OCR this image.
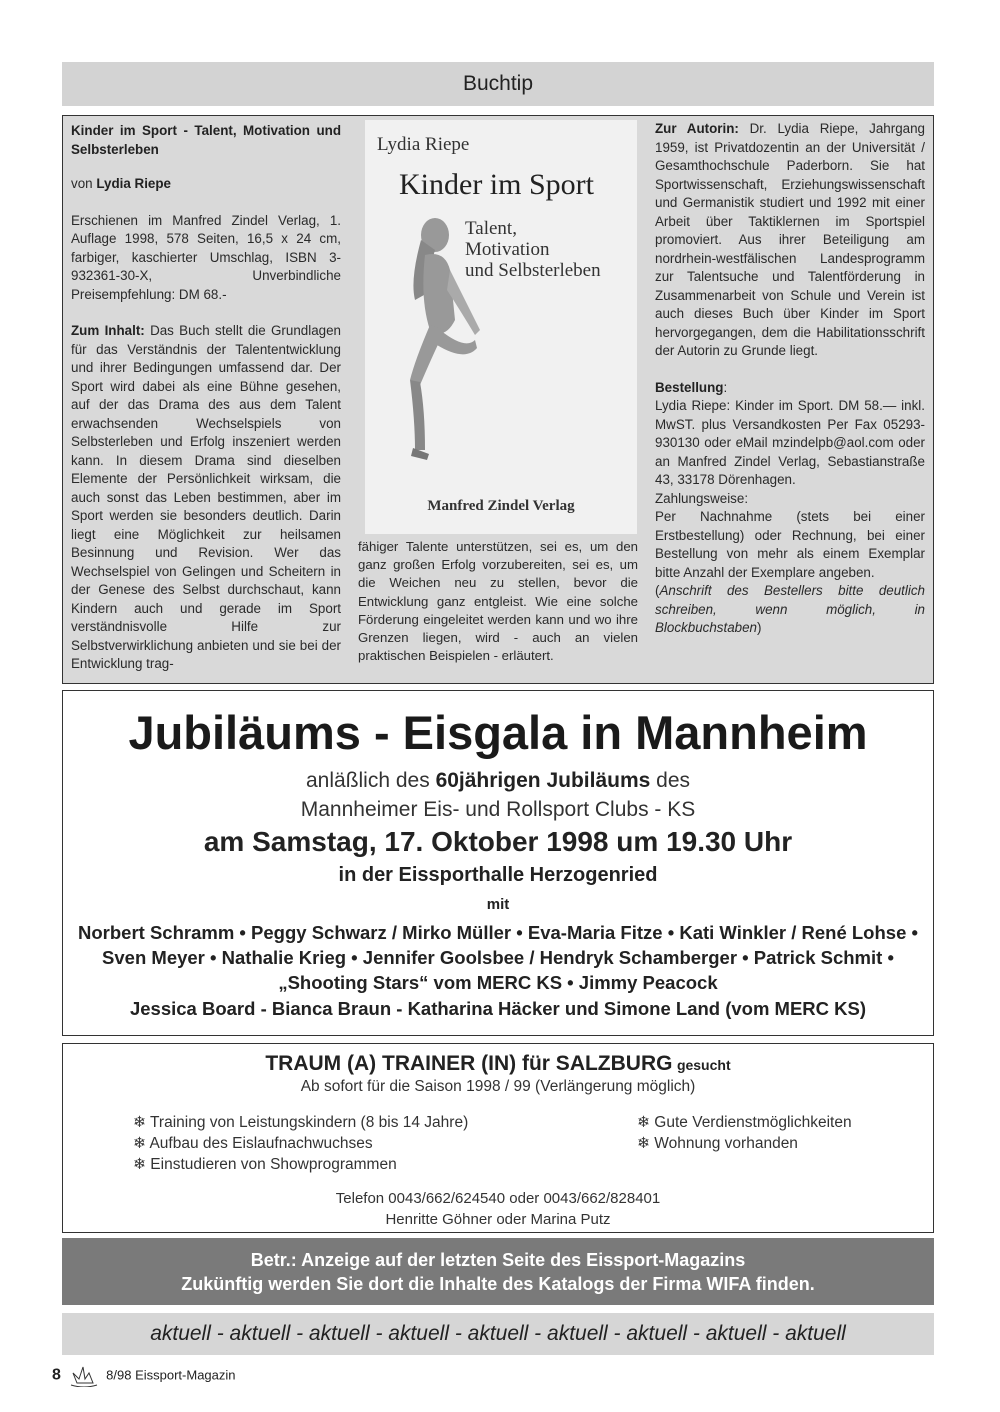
Buchtip

Kinder im Sport - Talent, Motivation und Selbsterleben

von Lydia Riepe

Erschienen im Manfred Zindel Verlag, 1. Auflage 1998, 578 Seiten, 16,5 x 24 cm, farbiger, kaschierter Umschlag, ISBN 3-932361-30-X, Unverbindliche Preisempfehlung: DM 68.-

Zum Inhalt: Das Buch stellt die Grundlagen für das Verständnis der Talententwicklung und ihrer Bedingungen umfassend dar. Der Sport wird dabei als eine Bühne gesehen, auf der das Drama des aus dem Talent erwachsenden Wechselspiels von Selbsterleben und Erfolg inszeniert werden kann. In diesem Drama sind dieselben Elemente der Persönlichkeit wirksam, die auch sonst das Leben bestimmen, aber im Sport werden sie besonders deutlich. Darin liegt eine Möglichkeit zur heilsamen Besinnung und Revision. Wer das Wechselspiel von Gelingen und Scheitern in der Genese des Selbst durchschaut, kann Kindern auch und gerade im Sport verständnisvolle Hilfe zur Selbstverwirklichung anbieten und sie bei der Entwicklung trag-

Lydia Riepe
Kinder im Sport
Talent,
Motivation
und Selbsterleben
Manfred Zindel Verlag
fähiger Talente unterstützen, sei es, um den ganz großen Erfolg vorzubereiten, sei es, um die Weichen neu zu stellen, bevor die Entwicklung ganz entgleist. Wie eine solche Förderung eingeleitet werden kann und wo ihre Grenzen liegen, wird - auch an vielen praktischen Beispielen - erläutert.

Zur Autorin: Dr. Lydia Riepe, Jahrgang 1959, ist Privatdozentin an der Universität / Gesamthochschule Paderborn. Sie hat Sportwissenschaft, Erziehungswissenschaft und Germanistik studiert und 1992 mit einer Arbeit über Taktiklernen im Sportspiel promoviert. Aus ihrer Beteiligung am nordrhein-westfälischen Landesprogramm zur Talentsuche und Talentförderung in Zusammenarbeit von Schule und Verein ist auch dieses Buch über Kinder im Sport hervorgegangen, dem die Habilitationsschrift der Autorin zu Grunde liegt.

Bestellung:
Lydia Riepe: Kinder im Sport. DM 58.— inkl. MwST. plus Versandkosten Per Fax 05293-930130 oder eMail mzindelpb@aol.com oder an Manfred Zindel Verlag, Sebastianstraße 43, 33178 Dörenhagen.
Zahlungsweise:
Per Nachnahme (stets bei einer Erstbestellung) oder Rechnung, bei einer Bestellung von mehr als einem Exemplar bitte Anzahl der Exemplare angeben.
(Anschrift des Bestellers bitte deutlich schreiben, wenn möglich, in Blockbuchstaben)
Jubiläums - Eisgala in Mannheim
anläßlich des 60jährigen Jubiläums des
Mannheimer Eis- und Rollsport Clubs - KS
am Samstag, 17. Oktober 1998 um 19.30 Uhr
in der Eissporthalle Herzogenried
mit
Norbert Schramm • Peggy Schwarz / Mirko Müller • Eva-Maria Fitze • Kati Winkler / René Lohse • Sven Meyer • Nathalie Krieg • Jennifer Goolsbee / Hendryk Schamberger • Patrick Schmit • „Shooting Stars“ vom MERC KS • Jimmy Peacock
Jessica Board - Bianca Braun - Katharina Häcker und Simone Land (vom MERC KS)
TRAUM (A) TRAINER (IN) für SALZBURG gesucht
Ab sofort für die Saison 1998 / 99 (Verlängerung möglich)
❄ Training von Leistungskindern (8 bis 14 Jahre)
❄ Aufbau des Eislaufnachwuchses
❄ Einstudieren von Showprogrammen
❄ Gute Verdienstmöglichkeiten
❄ Wohnung vorhanden
Telefon 0043/662/624540 oder 0043/662/828401
Henritte Göhner oder Marina Putz
Betr.: Anzeige auf der letzten Seite des Eissport-Magazins
Zukünftig werden Sie dort die Inhalte des Katalogs der Firma WIFA finden.
aktuell - aktuell - aktuell - aktuell - aktuell - aktuell - aktuell - aktuell - aktuell
8	8/98 Eissport-Magazin
